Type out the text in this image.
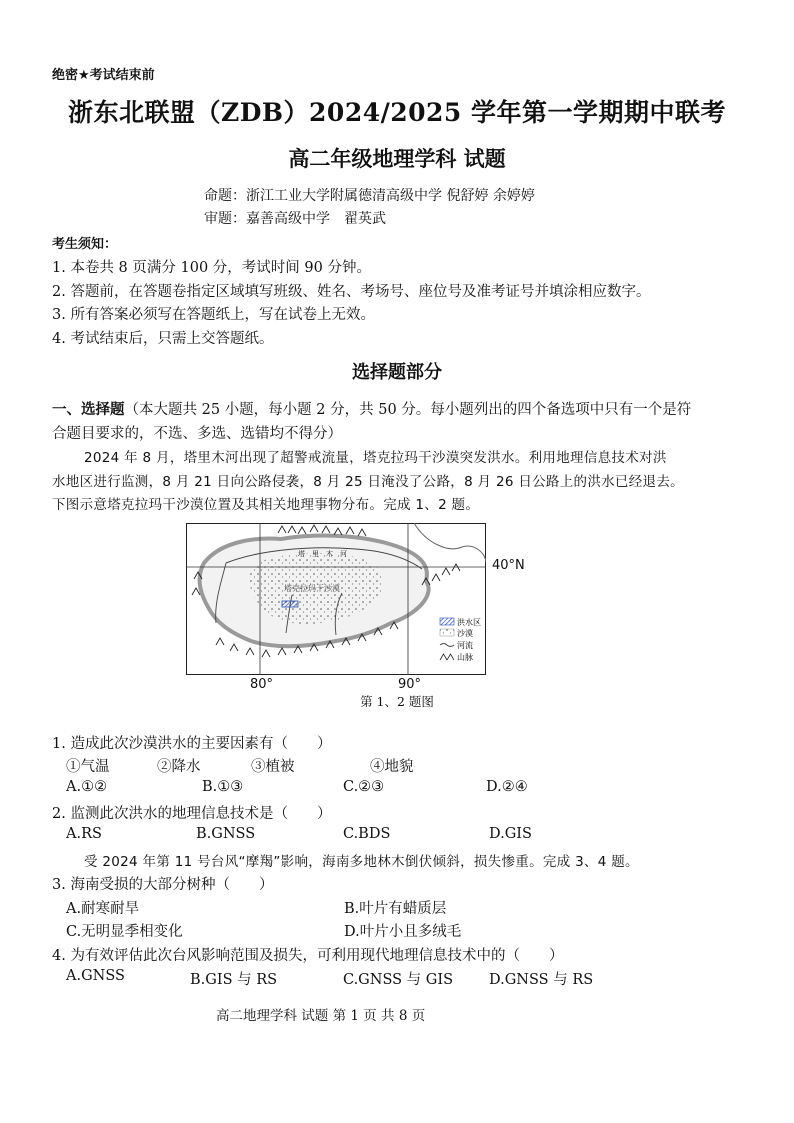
绝密★考试结束前
浙东北联盟（ZDB）2024/2025 学年第一学期期中联考
高二年级地理学科 试题
命题：浙江工业大学附属德清高级中学 倪舒婷 余婷婷
审题：嘉善高级中学　翟英武
考生须知：
1. 本卷共 8 页满分 100 分，考试时间 90 分钟。
2. 答题前，在答题卷指定区域填写班级、姓名、考场号、座位号及准考证号并填涂相应数字。
3. 所有答案必须写在答题纸上，写在试卷上无效。
4. 考试结束后，只需上交答题纸。
选择题部分
一、选择题（本大题共 25 小题，每小题 2 分，共 50 分。每小题列出的四个备选项中只有一个是符
合题目要求的，不选、多选、选错均不得分）
2024 年 8 月，塔里木河出现了超警戒流量，塔克拉玛干沙漠突发洪水。利用地理信息技术对洪
水地区进行监测，8 月 21 日向公路侵袭，8 月 25 日淹没了公路，8 月 26 日公路上的洪水已经退去。
下图示意塔克拉玛干沙漠位置及其相关地理事物分布。完成 1、2 题。
塔　里　木　河
塔克拉玛干沙漠
洪水区
沙漠
河流
山脉
40°N
80°	90°
第 1、2 题图
1. 造成此次沙漠洪水的主要因素有（　　）
①气温	②降水	③植被	④地貌
A.①②	B.①③	C.②③	D.②④
2. 监测此次洪水的地理信息技术是（　　）
A.RS	B.GNSS	C.BDS	D.GIS
受 2024 年第 11 号台风“摩羯”影响，海南多地林木倒伏倾斜，损失惨重。完成 3、4 题。
3. 海南受损的大部分树种（　　）
A.耐寒耐旱	B.叶片有蜡质层
C.无明显季相变化	D.叶片小且多绒毛
4. 为有效评估此次台风影响范围及损失，可利用现代地理信息技术中的（　　）
A.GNSS	B.GIS 与 RS	C.GNSS 与 GIS D.GNSS 与 RS
高二地理学科 试题 第 1 页 共 8 页
